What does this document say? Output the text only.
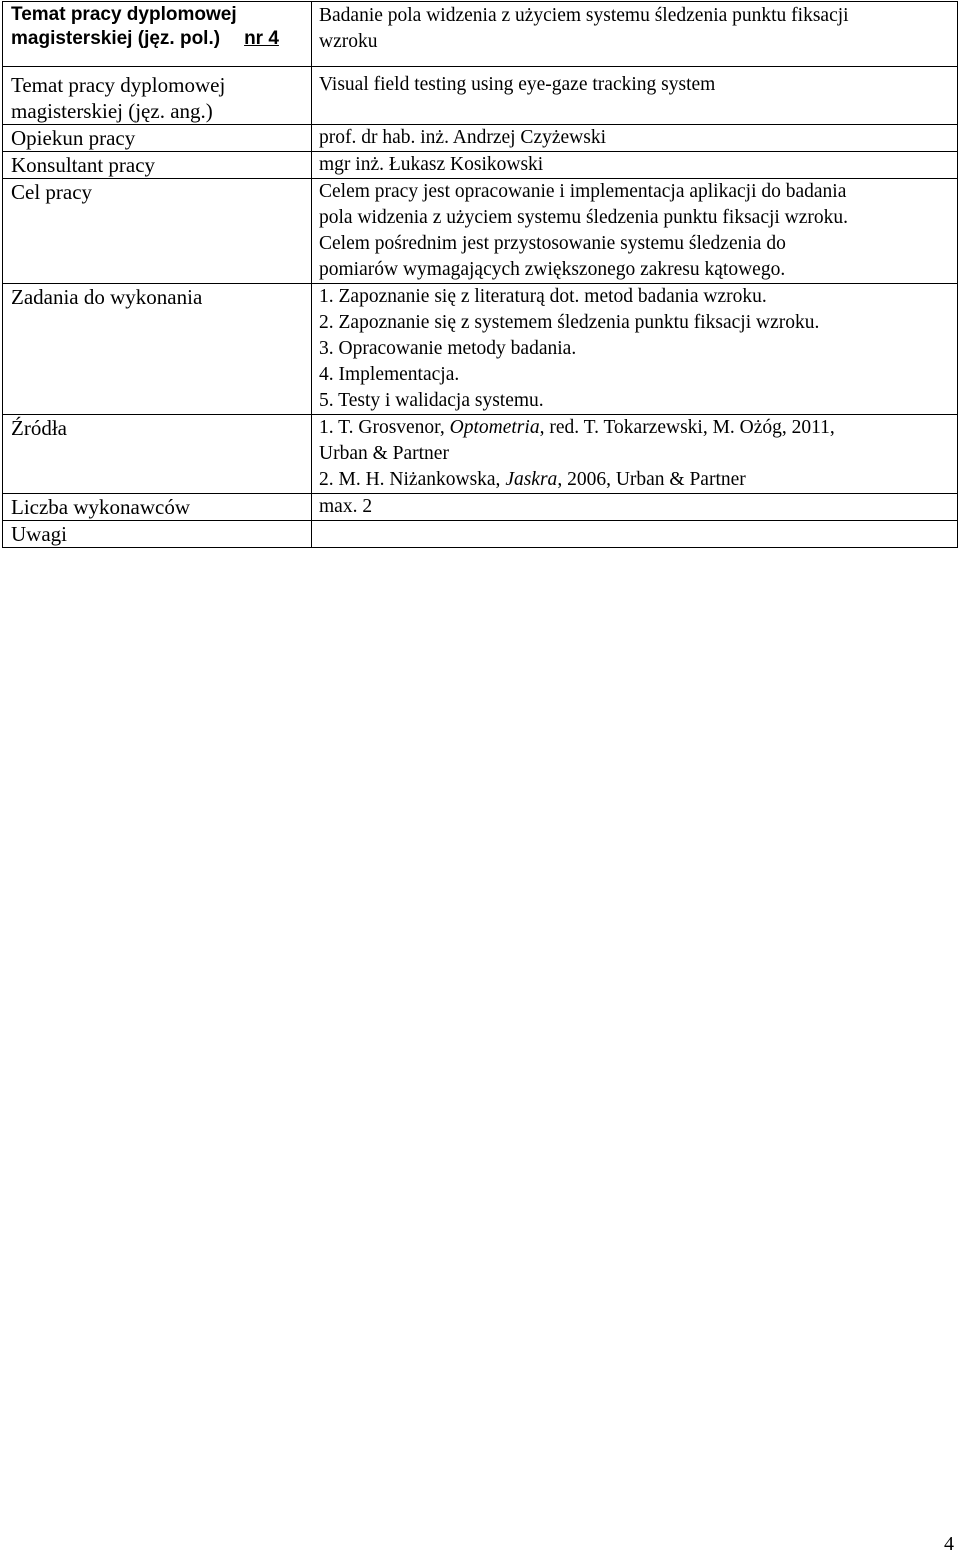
Temat pracy dyplomowej
magisterskiej (jęz. pol.) nr 4	Badanie pola widzenia z użyciem systemu śledzenia punktu fiksacji
wzroku

Temat pracy dyplomowej
magisterskiej (jęz. ang.)	Visual field testing using eye-gaze tracking system

Opiekun pracy	prof. dr hab. inż. Andrzej Czyżewski

Konsultant pracy	mgr inż. Łukasz Kosikowski

Cel pracy	Celem pracy jest opracowanie i implementacja aplikacji do badania
pola widzenia z użyciem systemu śledzenia punktu fiksacji wzroku.
Celem pośrednim jest przystosowanie systemu śledzenia do
pomiarów wymagających zwiększonego zakresu kątowego.

Zadania do wykonania	1. Zapoznanie się z literaturą dot. metod badania wzroku.
2. Zapoznanie się z systemem śledzenia punktu fiksacji wzroku.
3. Opracowanie metody badania.
4. Implementacja.
5. Testy i walidacja systemu.

Źródła	1. T. Grosvenor, Optometria, red. T. Tokarzewski, M. Ożóg, 2011,
Urban & Partner
2. M. H. Niżankowska, Jaskra, 2006, Urban & Partner

Liczba wykonawców	max. 2

Uwagi	

4
